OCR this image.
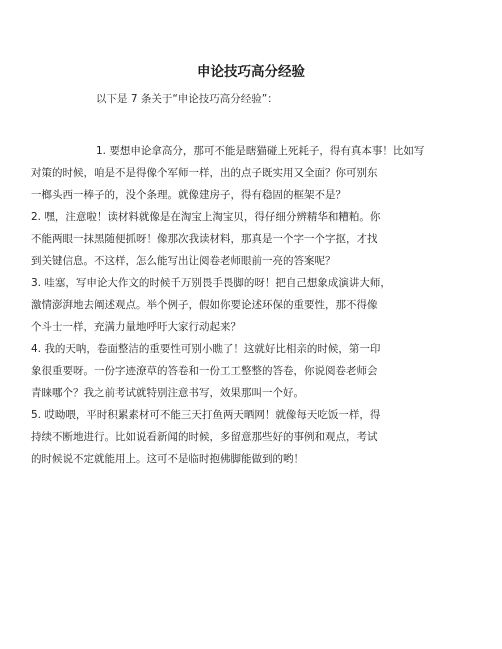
申论技巧高分经验
以下是 7 条关于“申论技巧高分经验”：
1. 要想申论拿高分，那可不能是瞎猫碰上死耗子，得有真本事！比如写
对策的时候，咱是不是得像个军师一样，出的点子既实用又全面？你可别东
一榔头西一棒子的，没个条理。就像建房子，得有稳固的框架不是？
2. 嘿，注意啦！读材料就像是在淘宝上淘宝贝，得仔细分辨精华和糟粕。你
不能两眼一抹黑随便抓呀！像那次我读材料，那真是一个字一个字抠，才找
到关键信息。不这样，怎么能写出让阅卷老师眼前一亮的答案呢？
3. 哇塞，写申论大作文的时候千万别畏手畏脚的呀！把自己想象成演讲大师，
激情澎湃地去阐述观点。举个例子，假如你要论述环保的重要性，那不得像
个斗士一样，充满力量地呼吁大家行动起来？
4. 我的天呐，卷面整洁的重要性可别小瞧了！这就好比相亲的时候，第一印
象很重要呀。一份字迹潦草的答卷和一份工工整整的答卷，你说阅卷老师会
青睐哪个？我之前考试就特别注意书写，效果那叫一个好。
5. 哎呦喂，平时积累素材可不能三天打鱼两天晒网！就像每天吃饭一样，得
持续不断地进行。比如说看新闻的时候，多留意那些好的事例和观点，考试
的时候说不定就能用上。这可不是临时抱佛脚能做到的哟！
